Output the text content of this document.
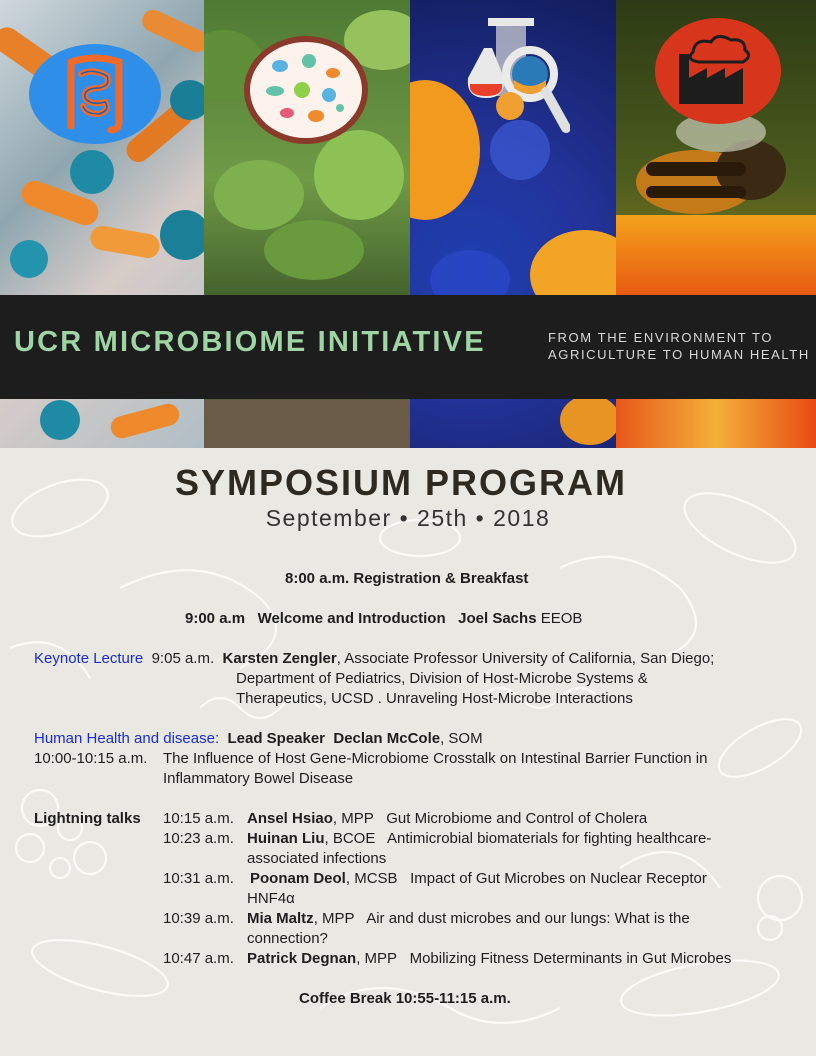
UCR MICROBIOME INITIATIVE	FROM THE ENVIRONMENT TO
AGRICULTURE TO HUMAN HEALTH
SYMPOSIUM PROGRAM
September • 25th • 2018
8:00 a.m. Registration & Breakfast
9:00 a.m Welcome and Introduction Joel Sachs EEOB
Keynote Lecture 9:05 a.m. Karsten Zengler, Associate Professor University of California, San Diego;
Department of Pediatrics, Division of Host-Microbe Systems &
Therapeutics, UCSD . Unraveling Host-Microbe Interactions
Human Health and disease: Lead Speaker Declan McCole, SOM
10:00-10:15 a.m. The Influence of Host Gene-Microbiome Crosstalk on Intestinal Barrier Function in
Inflammatory Bowel Disease
Lightning talks 10:15 a.m. Ansel Hsiao, MPP Gut Microbiome and Control of Cholera
10:23 a.m. Huinan Liu, BCOE Antimicrobial biomaterials for fighting healthcare-
associated infections
10:31 a.m. Poonam Deol, MCSB Impact of Gut Microbes on Nuclear Receptor
HNF4α
10:39 a.m. Mia Maltz, MPP Air and dust microbes and our lungs: What is the
connection?
10:47 a.m. Patrick Degnan, MPP Mobilizing Fitness Determinants in Gut Microbes
Coffee Break 10:55-11:15 a.m.
